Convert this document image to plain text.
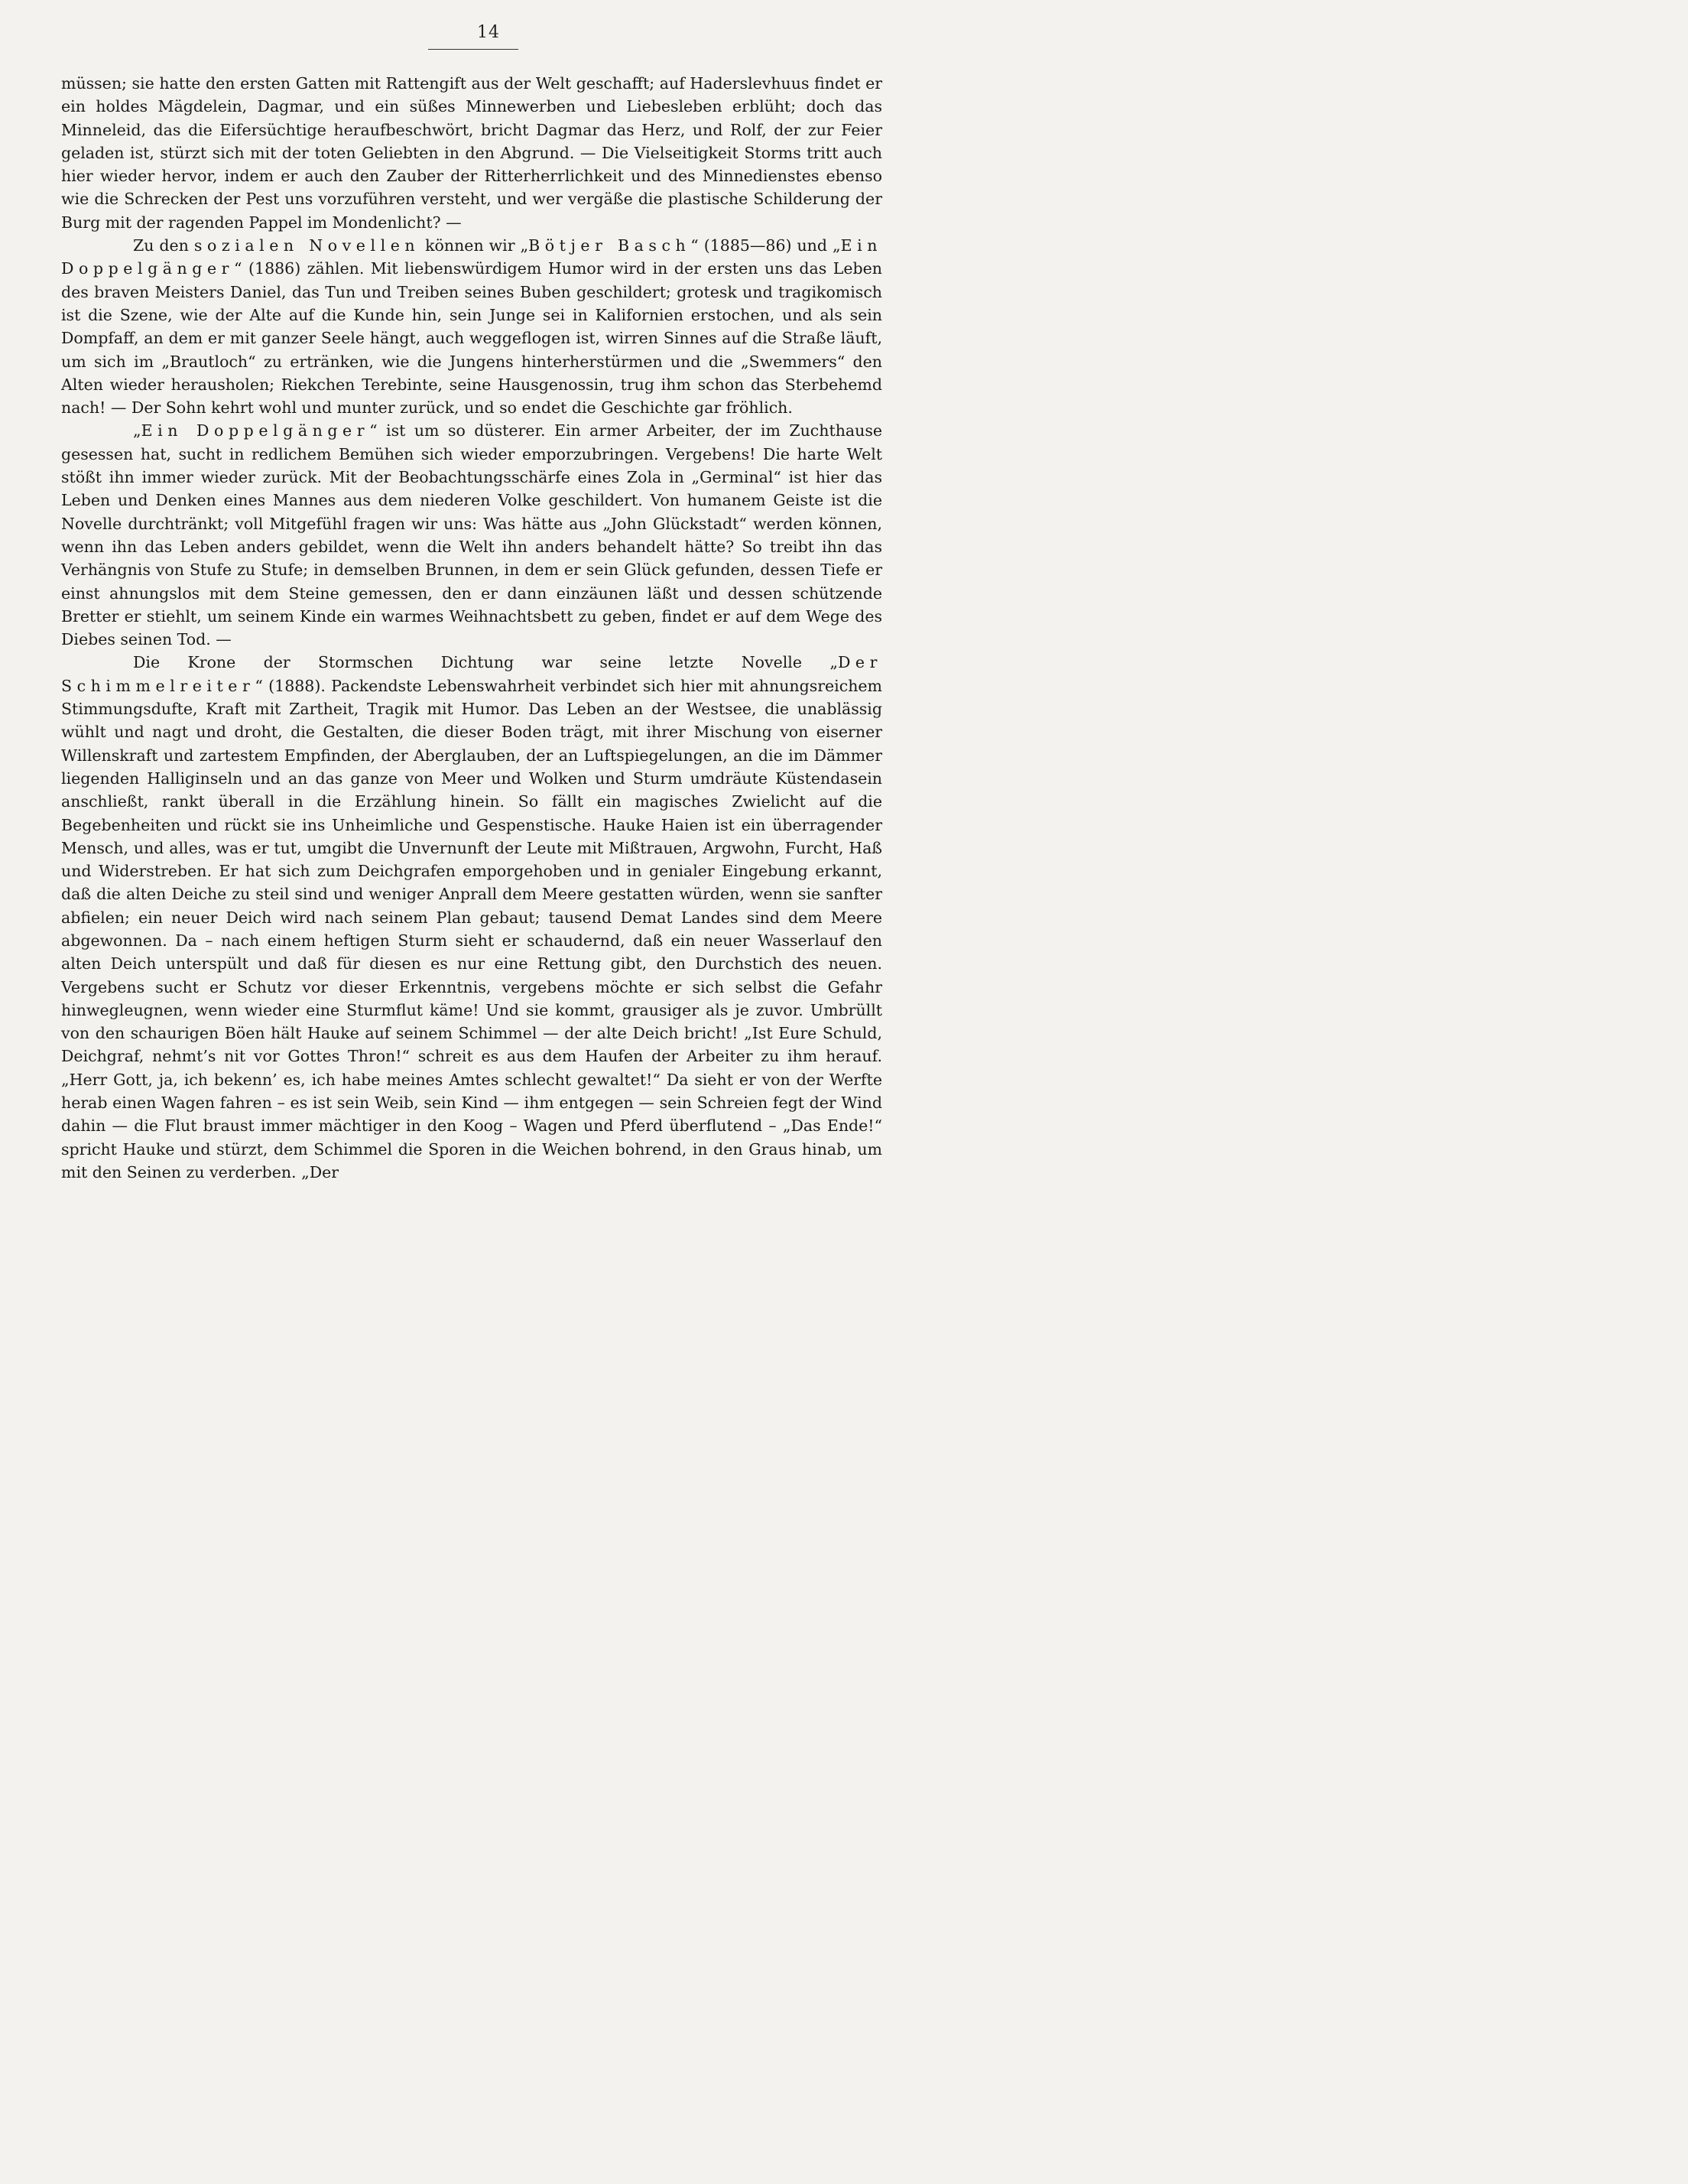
14

müssen; sie hatte den ersten Gatten mit Rattengift aus der Welt geschafft; auf Haderslevhuus findet er ein holdes Mägdelein, Dagmar, und ein süßes Minnewerben und Liebesleben erblüht; doch das Minneleid, das die Eifersüchtige heraufbeschwört, bricht Dagmar das Herz, und Rolf, der zur Feier geladen ist, stürzt sich mit der toten Geliebten in den Abgrund. — Die Vielseitigkeit Storms tritt auch hier wieder hervor, indem er auch den Zauber der Ritterherrlichkeit und des Minnedienstes ebenso wie die Schrecken der Pest uns vorzuführen versteht, und wer vergäße die plastische Schilderung der Burg mit der ragenden Pappel im Mondenlicht? —

Zu den sozialen Novellen können wir „Bötjer Basch“ (1885—86) und „Ein Doppelgänger“ (1886) zählen. Mit liebenswürdigem Humor wird in der ersten uns das Leben des braven Meisters Daniel, das Tun und Treiben seines Buben geschildert; grotesk und tragikomisch ist die Szene, wie der Alte auf die Kunde hin, sein Junge sei in Kalifornien erstochen, und als sein Dompfaff, an dem er mit ganzer Seele hängt, auch weggeflogen ist, wirren Sinnes auf die Straße läuft, um sich im „Brautloch“ zu ertränken, wie die Jungens hinterherstürmen und die „Swemmers“ den Alten wieder herausholen; Riekchen Terebinte, seine Hausgenossin, trug ihm schon das Sterbehemd nach! — Der Sohn kehrt wohl und munter zurück, und so endet die Geschichte gar fröhlich.

„Ein Doppelgänger“ ist um so düsterer. Ein armer Arbeiter, der im Zuchthause gesessen hat, sucht in redlichem Bemühen sich wieder emporzubringen. Vergebens! Die harte Welt stößt ihn immer wieder zurück. Mit der Beobachtungsschärfe eines Zola in „Germinal“ ist hier das Leben und Denken eines Mannes aus dem niederen Volke geschildert. Von humanem Geiste ist die Novelle durchtränkt; voll Mitgefühl fragen wir uns: Was hätte aus „John Glückstadt“ werden können, wenn ihn das Leben anders gebildet, wenn die Welt ihn anders behandelt hätte? So treibt ihn das Verhängnis von Stufe zu Stufe; in demselben Brunnen, in dem er sein Glück gefunden, dessen Tiefe er einst ahnungslos mit dem Steine gemessen, den er dann einzäunen läßt und dessen schützende Bretter er stiehlt, um seinem Kinde ein warmes Weihnachtsbett zu geben, findet er auf dem Wege des Diebes seinen Tod. —

Die Krone der Stormschen Dichtung war seine letzte Novelle „Der Schimmelreiter“ (1888). Packendste Lebenswahrheit verbindet sich hier mit ahnungsreichem Stimmungsdufte, Kraft mit Zartheit, Tragik mit Humor. Das Leben an der Westsee, die unablässig wühlt und nagt und droht, die Gestalten, die dieser Boden trägt, mit ihrer Mischung von eiserner Willenskraft und zartestem Empfinden, der Aberglauben, der an Luftspiegelungen, an die im Dämmer liegenden Halliginseln und an das ganze von Meer und Wolken und Sturm umdräute Küstendasein anschließt, rankt überall in die Erzählung hinein. So fällt ein magisches Zwielicht auf die Begebenheiten und rückt sie ins Unheimliche und Gespenstische. Hauke Haien ist ein überragender Mensch, und alles, was er tut, umgibt die Unvernunft der Leute mit Mißtrauen, Argwohn, Furcht, Haß und Widerstreben. Er hat sich zum Deichgrafen emporgehoben und in genialer Eingebung erkannt, daß die alten Deiche zu steil sind und weniger Anprall dem Meere gestatten würden, wenn sie sanfter abfielen; ein neuer Deich wird nach seinem Plan gebaut; tausend Demat Landes sind dem Meere abgewonnen. Da – nach einem heftigen Sturm sieht er schaudernd, daß ein neuer Wasserlauf den alten Deich unterspült und daß für diesen es nur eine Rettung gibt, den Durchstich des neuen. Vergebens sucht er Schutz vor dieser Erkenntnis, vergebens möchte er sich selbst die Gefahr hinwegleugnen, wenn wieder eine Sturmflut käme! Und sie kommt, grausiger als je zuvor. Umbrüllt von den schaurigen Böen hält Hauke auf seinem Schimmel — der alte Deich bricht! „Ist Eure Schuld, Deichgraf, nehmt’s nit vor Gottes Thron!“ schreit es aus dem Haufen der Arbeiter zu ihm herauf. „Herr Gott, ja, ich bekenn’ es, ich habe meines Amtes schlecht gewaltet!“ Da sieht er von der Werfte herab einen Wagen fahren – es ist sein Weib, sein Kind — ihm entgegen — sein Schreien fegt der Wind dahin — die Flut braust immer mächtiger in den Koog – Wagen und Pferd überflutend – „Das Ende!“ spricht Hauke und stürzt, dem Schimmel die Sporen in die Weichen bohrend, in den Graus hinab, um mit den Seinen zu verderben. „Der
